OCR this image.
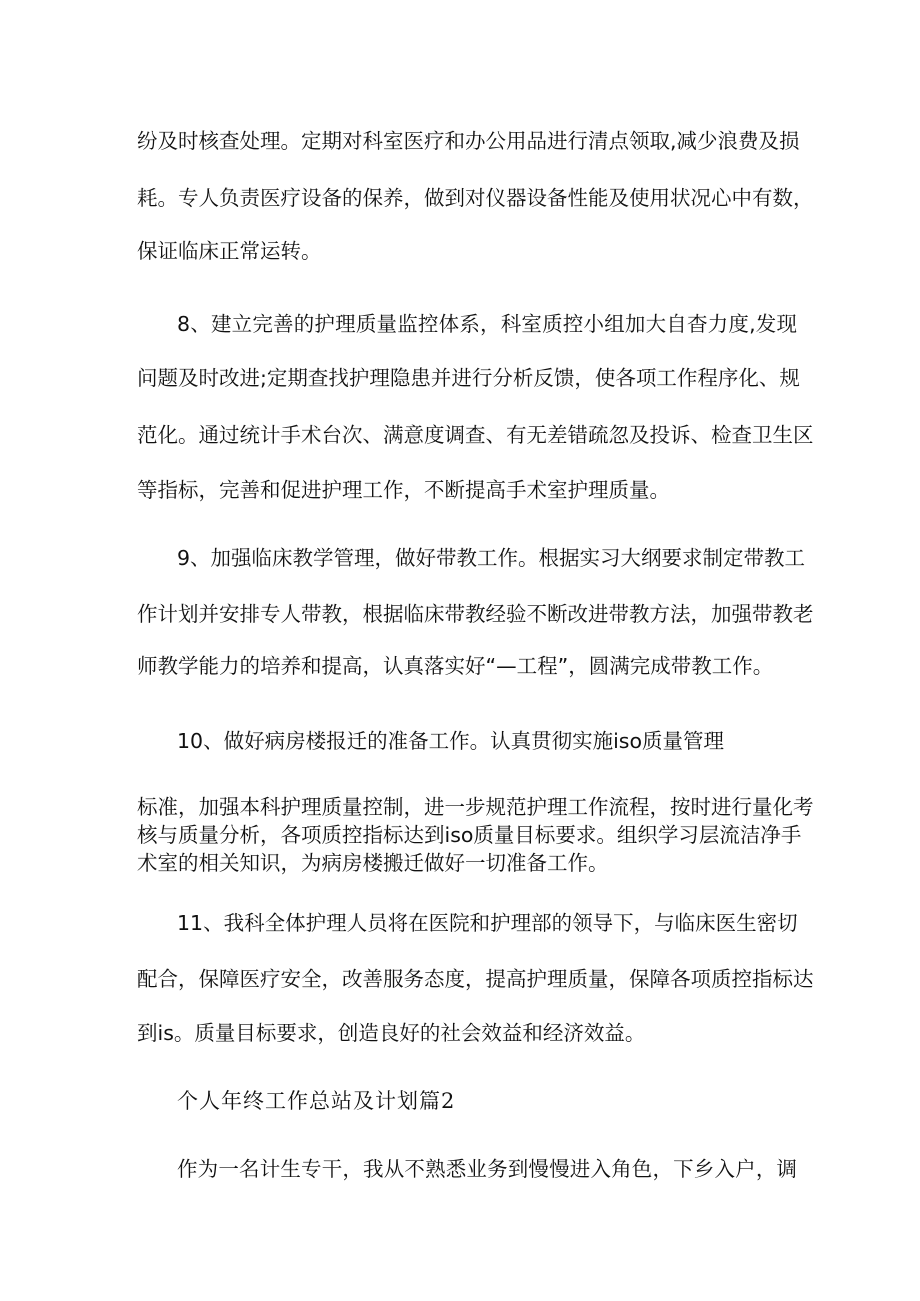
纷及时核查处理。定期对科室医疗和办公用品进行清点领取,减少浪费及损
耗。专人负责医疗设备的保养，做到对仪器设备性能及使用状况心中有数，
保证临床正常运转。
8、建立完善的护理质量监控体系，科室质控小组加大自杳力度,发现
问题及时改进;定期查找护理隐患并进行分析反馈，使各项工作程序化、规
范化。通过统计手术台次、满意度调查、有无差错疏忽及投诉、检查卫生区
等指标，完善和促进护理工作，不断提高手术室护理质量。
9、加强临床教学管理，做好带教工作。根据实习大纲要求制定带教工
作计划并安排专人带教，根据临床带教经验不断改进带教方法，加强带教老
师教学能力的培养和提高，认真落实好“—工程”，圆满完成带教工作。
10、做好病房楼报迁的准备工作。认真贯彻实施iso质量管理
标准，加强本科护理质量控制，进一步规范护理工作流程，按时进行量化考
核与质量分析，各项质控指标达到iso质量目标要求。组织学习层流洁净手
术室的相关知识，为病房楼搬迁做好一切准备工作。
11、我科全体护理人员将在医院和护理部的领导下，与临床医生密切
配合，保障医疗安全，改善服务态度，提高护理质量，保障各项质控指标达
到is。质量目标要求，创造良好的社会效益和经济效益。
个人年终工作总站及计划篇2
作为一名计生专干，我从不熟悉业务到慢慢进入角色，下乡入户，调
